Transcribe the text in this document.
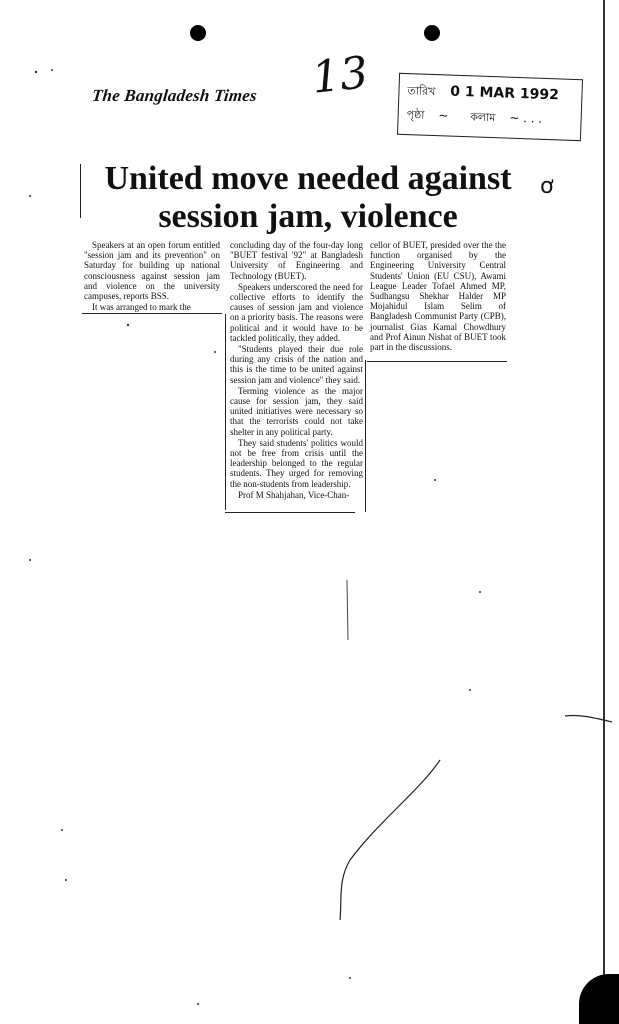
The Bangladesh Times 13	তারিখ 0 1 MAR 1992
পৃষ্ঠা ~ কলাম ~ . . .
United move needed against
session jam, violence
ơ

Speakers at an open forum entitled "session jam and its prevention" on Saturday for building up national consciousness against session jam and violence on the university campuses, reports BSS.

It was arranged to mark the

concluding day of the four-day long "BUET festival '92" at Bangladesh University of Engineering and Technology (BUET).

Speakers underscored the need for collective efforts to identify the causes of session jam and violence on a priority basis. The reasons were political and it would have to be tackled politically, they added.

"Students played their due role during any crisis of the nation and this is the time to be united against session jam and violence" they said.

Terming violence as the major cause for session jam, they said united initiatives were necessary so that the terrorists could not take shelter in any political party.

They said students' politics would not be free from crisis until the leadership belonged to the regular students. They urged for removing the non-students from leadership.

Prof M Shahjahan, Vice-Chan-

cellor of BUET, presided over the the function organised by the Engineering University Central Students' Union (EU CSU), Awami League Leader Tofael Ahmed MP, Sudhangsu Shekhar Halder MP Mojahidul Islam Selim of Bangladesh Communist Party (CPB), journalist Gias Kamal Chowdhury and Prof Ainun Nishat of BUET took part in the discussions.
